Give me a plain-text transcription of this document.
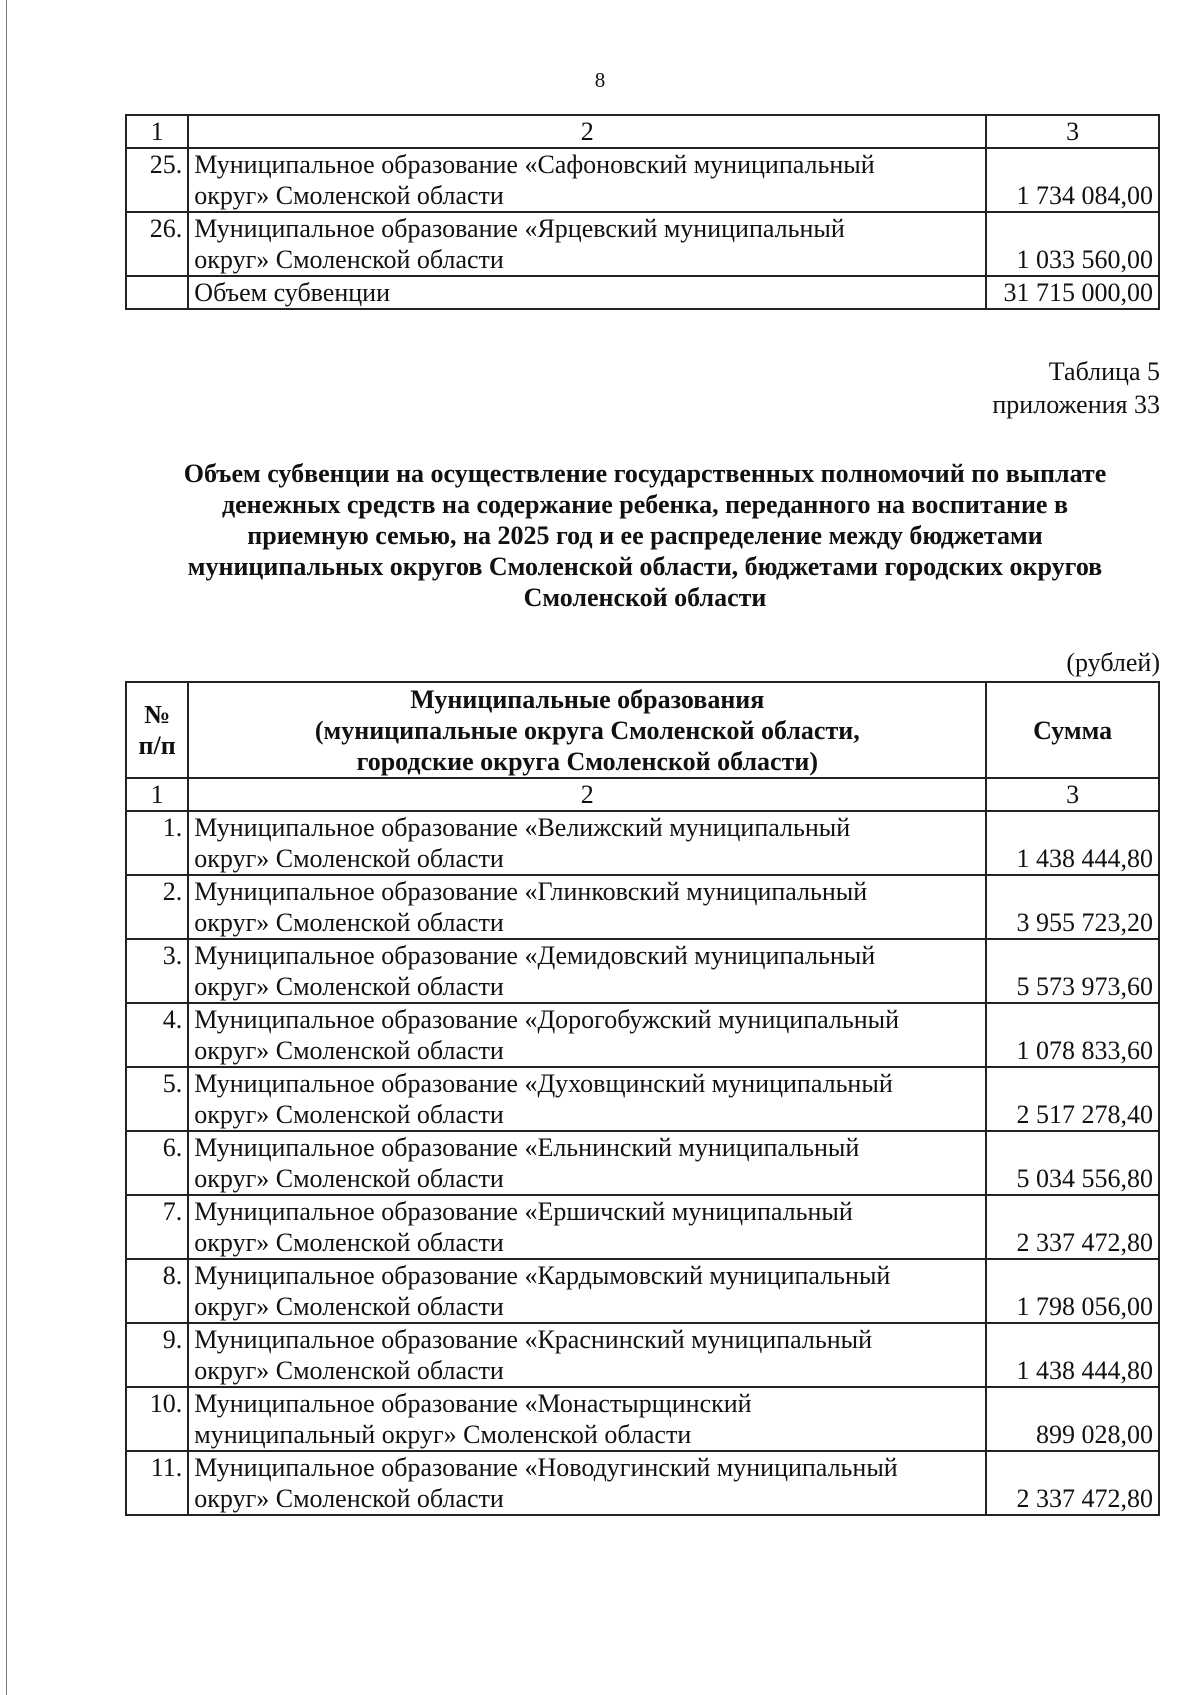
8
1	2	3
25.	Муниципальное образование «Сафоновский муниципальный
округ» Смоленской области	1 734 084,00
26.	Муниципальное образование «Ярцевский муниципальный
округ» Смоленской области	1 033 560,00
	Объем субвенции	31 715 000,00
Таблица 5
приложения 33
Объем субвенции на осуществление государственных полномочий по выплате
денежных средств на содержание ребенка, переданного на воспитание в
приемную семью, на 2025 год и ее распределение между бюджетами
муниципальных округов Смоленской области, бюджетами городских округов
Смоленской области
(рублей)
№
п/п	Муниципальные образования
(муниципальные округа Смоленской области,
городские округа Смоленской области)	Сумма
1	2	3
1.	Муниципальное образование «Велижский муниципальный
округ» Смоленской области	1 438 444,80
2.	Муниципальное образование «Глинковский муниципальный
округ» Смоленской области	3 955 723,20
3.	Муниципальное образование «Демидовский муниципальный
округ» Смоленской области	5 573 973,60
4.	Муниципальное образование «Дорогобужский муниципальный
округ» Смоленской области	1 078 833,60
5.	Муниципальное образование «Духовщинский муниципальный
округ» Смоленской области	2 517 278,40
6.	Муниципальное образование «Ельнинский муниципальный
округ» Смоленской области	5 034 556,80
7.	Муниципальное образование «Ершичский муниципальный
округ» Смоленской области	2 337 472,80
8.	Муниципальное образование «Кардымовский муниципальный
округ» Смоленской области	1 798 056,00
9.	Муниципальное образование «Краснинский муниципальный
округ» Смоленской области	1 438 444,80
10.	Муниципальное образование «Монастырщинский
муниципальный округ» Смоленской области	899 028,00
11.	Муниципальное образование «Новодугинский муниципальный
округ» Смоленской области	2 337 472,80
